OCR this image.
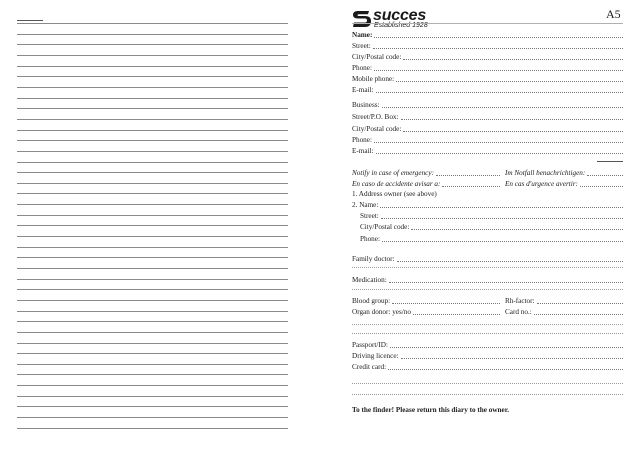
succes
Established 1928
A5
Name:
Street:
City/Postal code:
Phone:
Mobile phone:
E-mail:
Business:
Street/P.O. Box:
City/Postal code:
Phone:
E-mail:
Notify in case of emergency:	Im Notfall benachrichtigen:
En caso de accidente avisar a:	En cas d'urgence avertir:
1. Address owner (see above)
2. Name:
Street:
City/Postal code:
Phone:
Family doctor:
Medication:
Blood group:	Rh-factor:
Organ donor: yes/no	Card no.:
Passport/ID:
Driving licence:
Credit card:
To the finder! Please return this diary to the owner.
